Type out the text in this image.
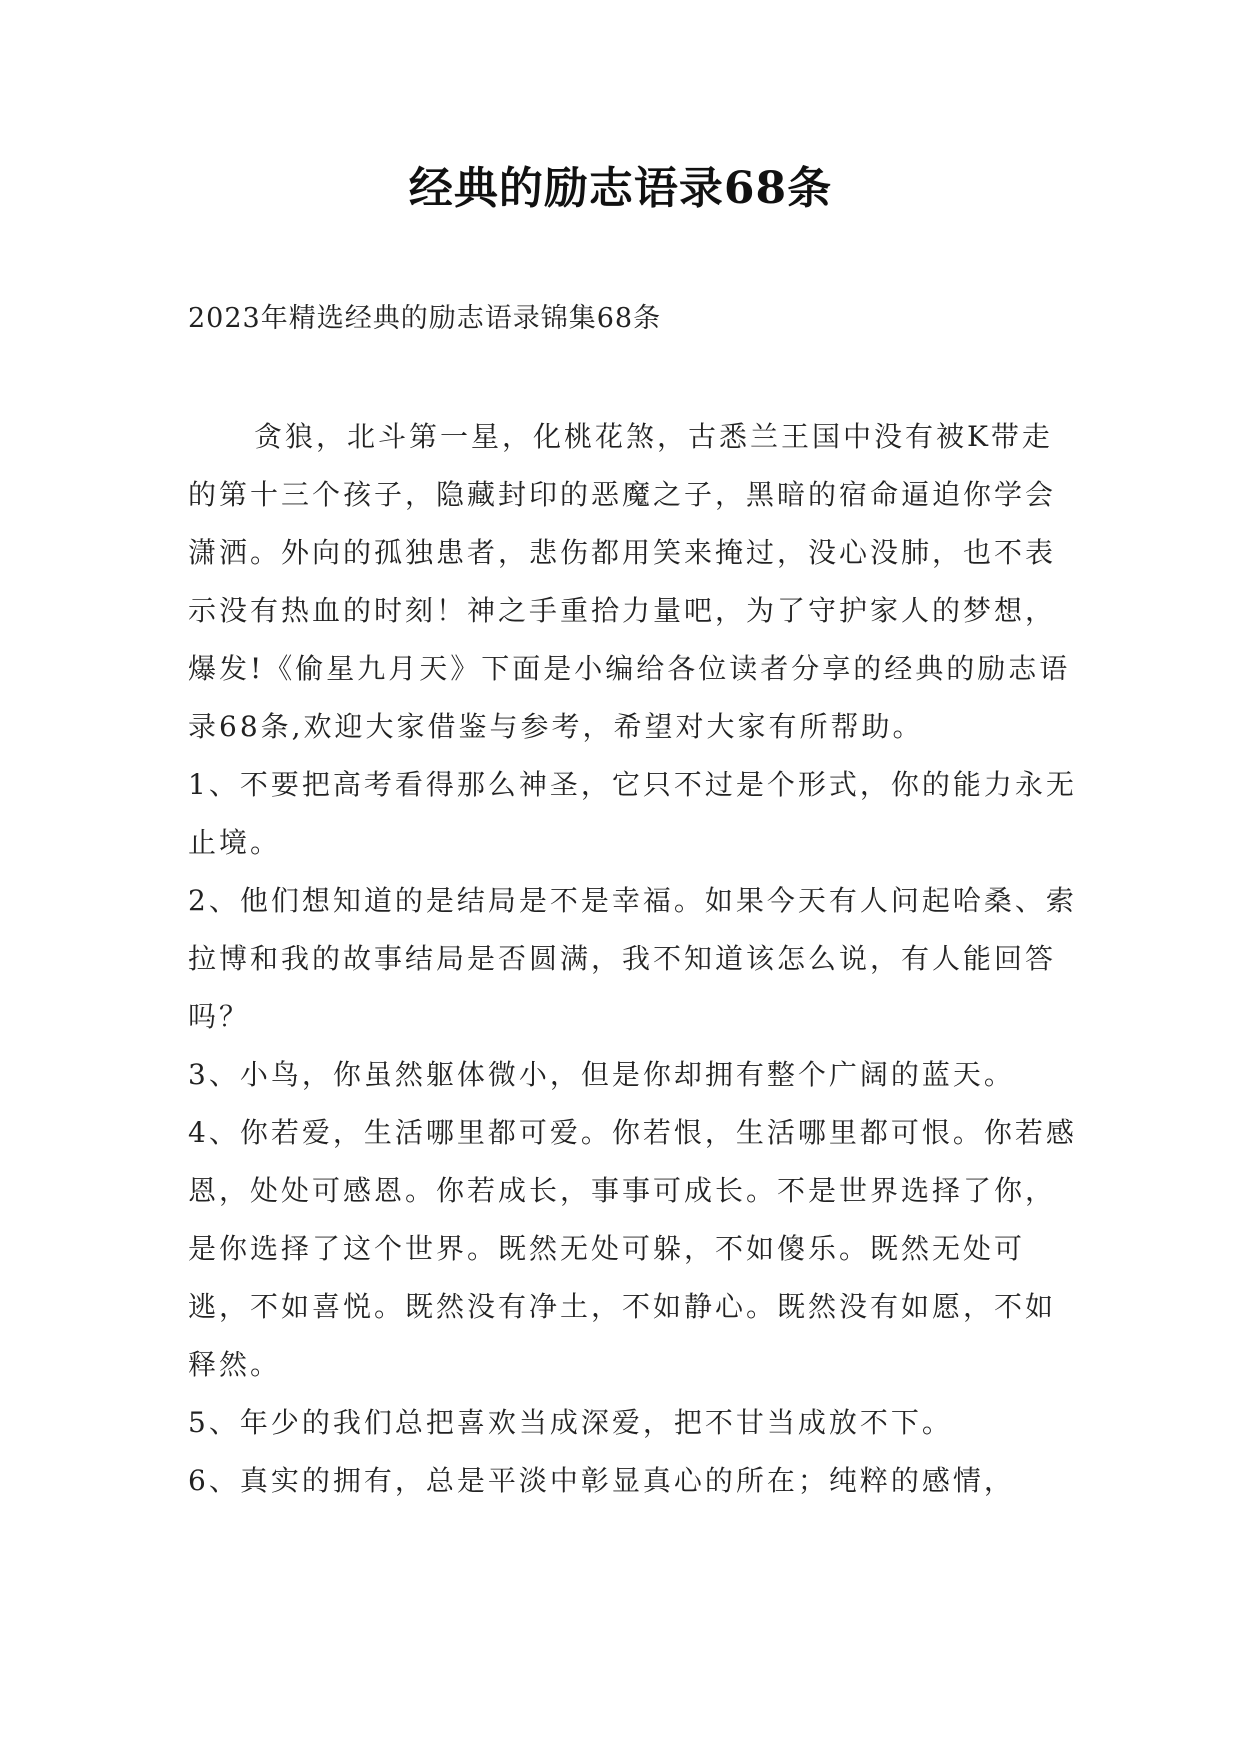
经典的励志语录68条
2023年精选经典的励志语录锦集68条

贪狼，北斗第一星，化桃花煞，古悉兰王国中没有被K带走的第十三个孩子，隐藏封印的恶魔之子，黑暗的宿命逼迫你学会潇洒。外向的孤独患者，悲伤都用笑来掩过，没心没肺，也不表示没有热血的时刻！神之手重拾力量吧，为了守护家人的梦想，爆发!《偷星九月天》下面是小编给各位读者分享的经典的励志语录68条,欢迎大家借鉴与参考，希望对大家有所帮助。

1、不要把高考看得那么神圣，它只不过是个形式，你的能力永无止境。

2、他们想知道的是结局是不是幸福。如果今天有人问起哈桑、索拉博和我的故事结局是否圆满，我不知道该怎么说，有人能回答吗？

3、小鸟，你虽然躯体微小，但是你却拥有整个广阔的蓝天。

4、你若爱，生活哪里都可爱。你若恨，生活哪里都可恨。你若感恩，处处可感恩。你若成长，事事可成长。不是世界选择了你，是你选择了这个世界。既然无处可躲，不如傻乐。既然无处可逃，不如喜悦。既然没有净土，不如静心。既然没有如愿，不如释然。

5、年少的我们总把喜欢当成深爱，把不甘当成放不下。

6、真实的拥有，总是平淡中彰显真心的所在；纯粹的感情，
